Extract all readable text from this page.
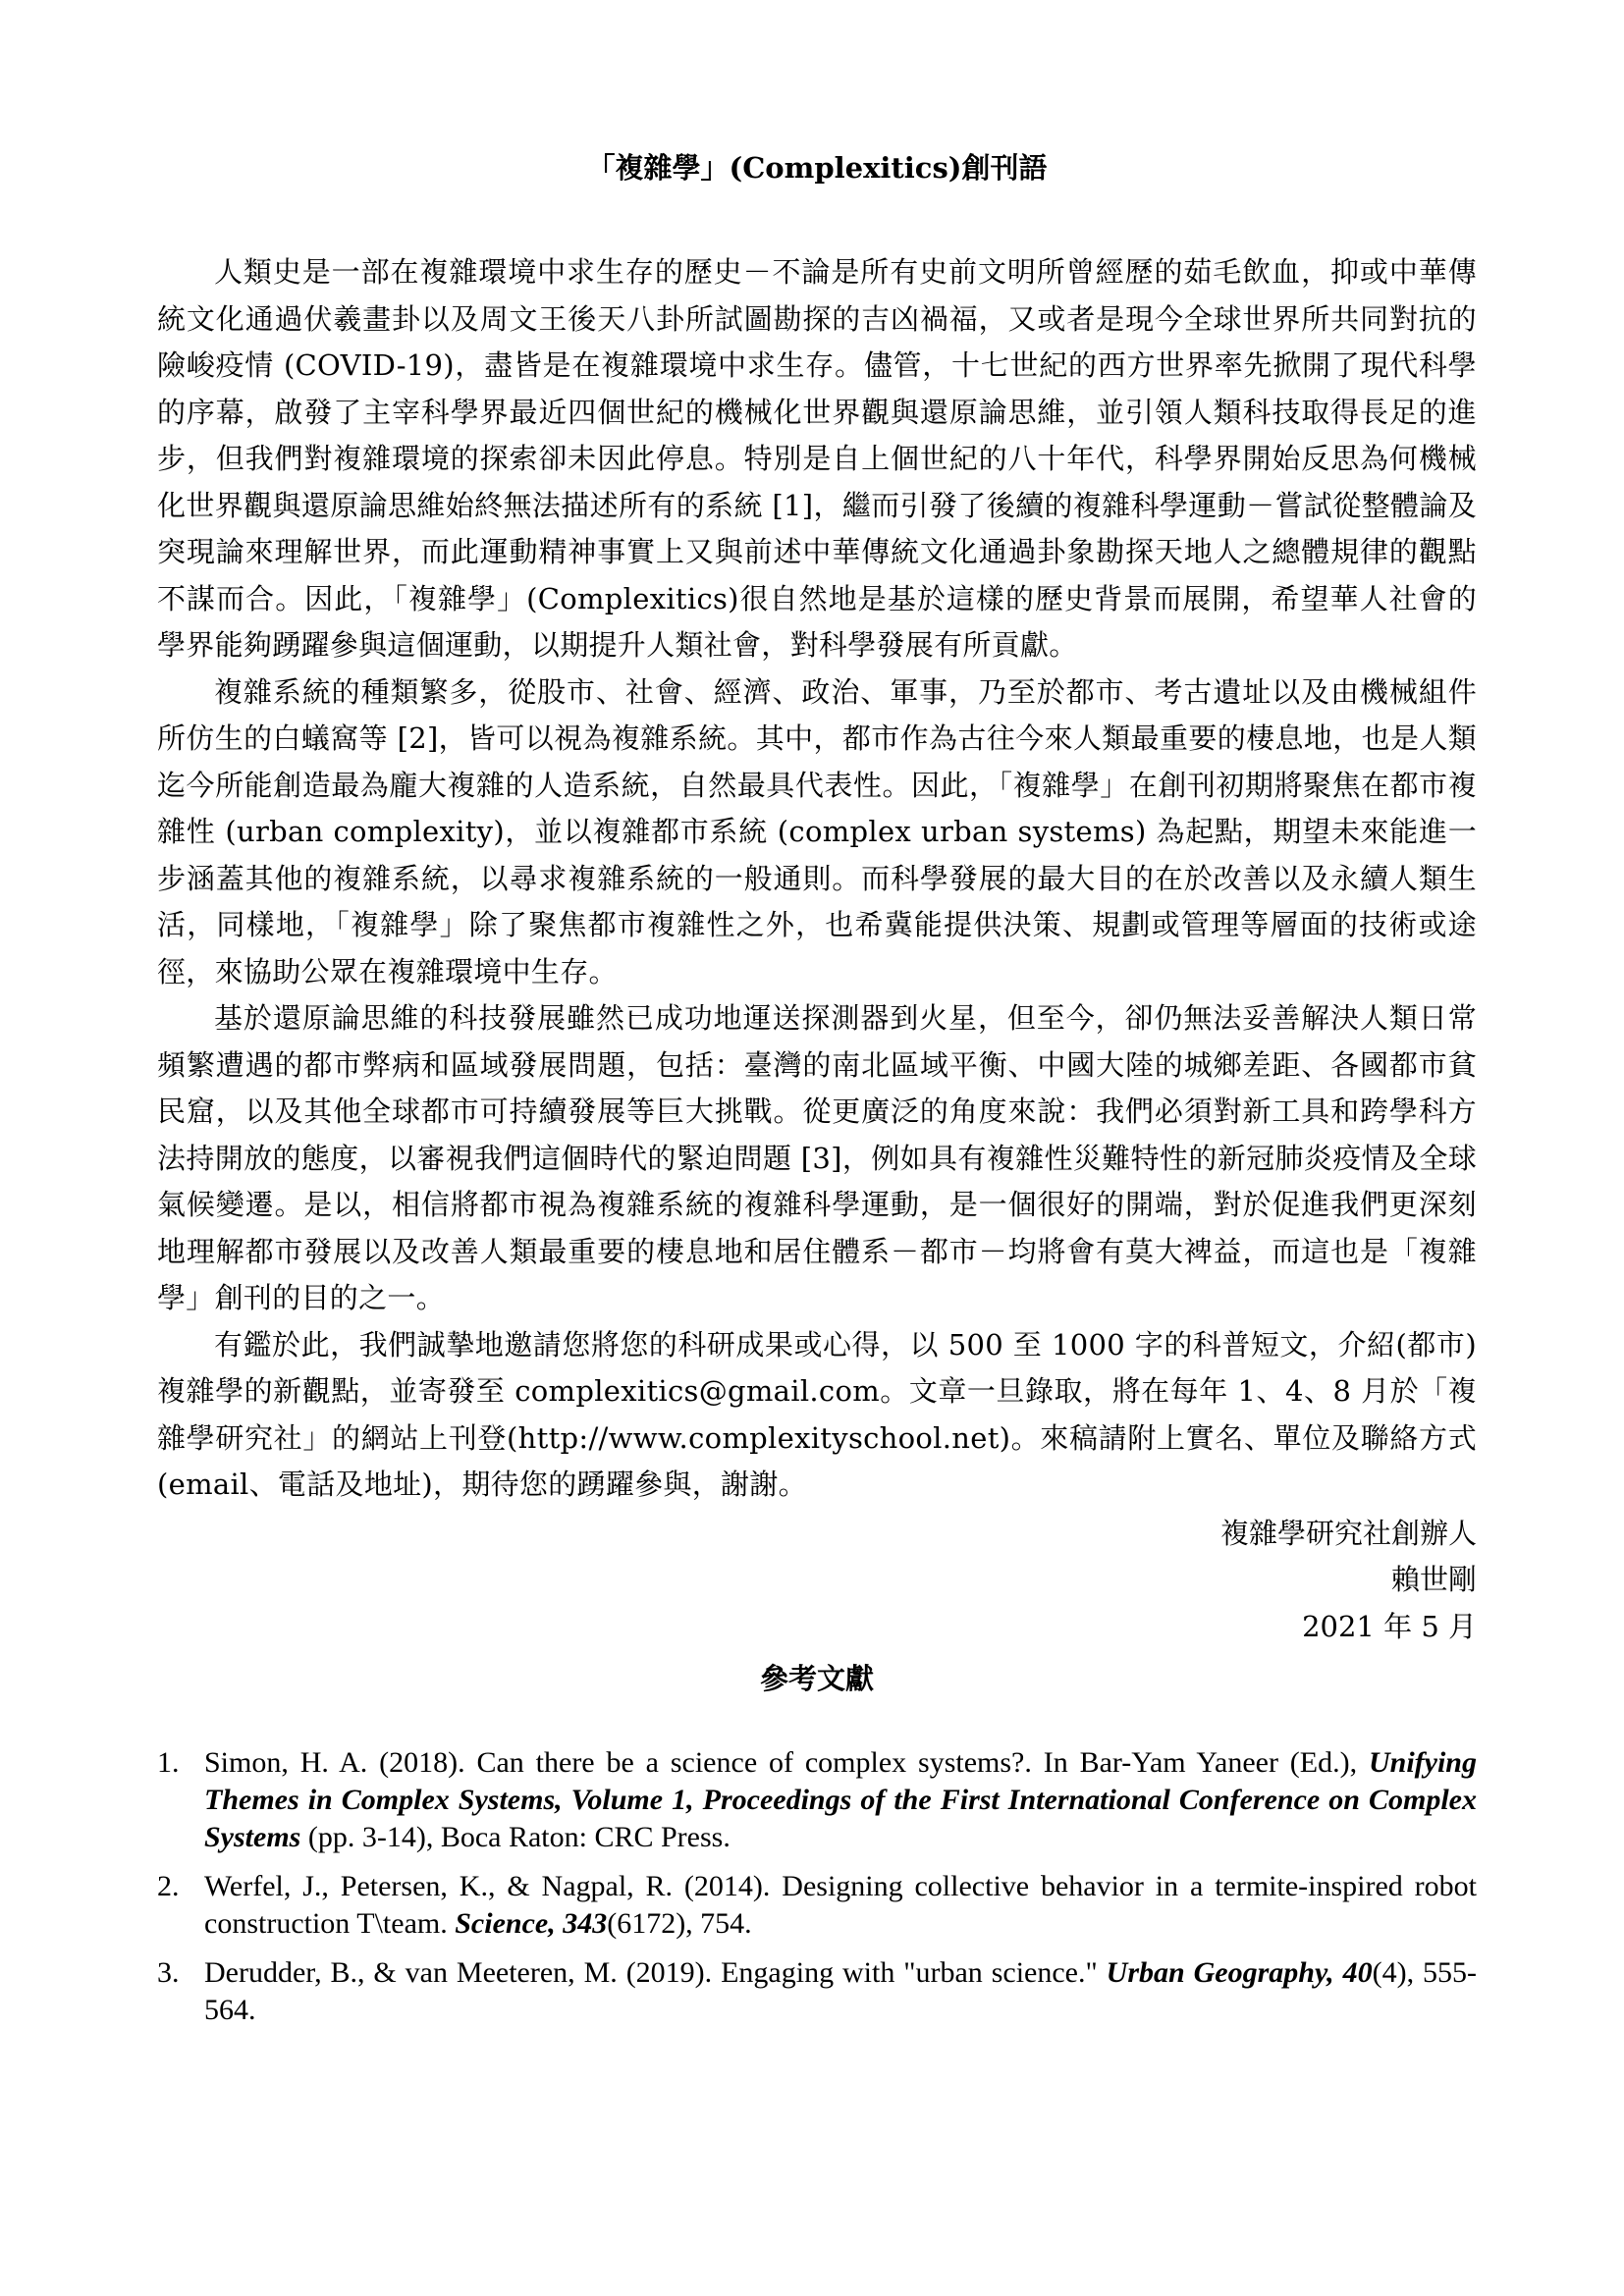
「複雜學」(Complexitics)創刊語

人類史是一部在複雜環境中求生存的歷史－不論是所有史前文明所曾經歷的茹毛飲血，抑或中華傳統文化通過伏羲畫卦以及周文王後天八卦所試圖勘探的吉凶禍福，又或者是現今全球世界所共同對抗的險峻疫情 (COVID-19)，盡皆是在複雜環境中求生存。儘管，十七世紀的西方世界率先掀開了現代科學的序幕，啟發了主宰科學界最近四個世紀的機械化世界觀與還原論思維，並引領人類科技取得長足的進步，但我們對複雜環境的探索卻未因此停息。特別是自上個世紀的八十年代，科學界開始反思為何機械化世界觀與還原論思維始終無法描述所有的系統 [1]，繼而引發了後續的複雜科學運動－嘗試從整體論及突現論來理解世界，而此運動精神事實上又與前述中華傳統文化通過卦象勘探天地人之總體規律的觀點不謀而合。因此，「複雜學」(Complexitics)很自然地是基於這樣的歷史背景而展開，希望華人社會的學界能夠踴躍參與這個運動，以期提升人類社會，對科學發展有所貢獻。

複雜系統的種類繁多，從股市、社會、經濟、政治、軍事，乃至於都市、考古遺址以及由機械組件所仿生的白蟻窩等 [2]，皆可以視為複雜系統。其中，都市作為古往今來人類最重要的棲息地，也是人類迄今所能創造最為龐大複雜的人造系統，自然最具代表性。因此，「複雜學」在創刊初期將聚焦在都市複雜性 (urban complexity)，並以複雜都市系統 (complex urban systems) 為起點，期望未來能進一步涵蓋其他的複雜系統，以尋求複雜系統的一般通則。而科學發展的最大目的在於改善以及永續人類生活，同樣地，「複雜學」除了聚焦都市複雜性之外，也希冀能提供決策、規劃或管理等層面的技術或途徑，來協助公眾在複雜環境中生存。

基於還原論思維的科技發展雖然已成功地運送探測器到火星，但至今，卻仍無法妥善解決人類日常頻繁遭遇的都市弊病和區域發展問題，包括：臺灣的南北區域平衡、中國大陸的城鄉差距、各國都市貧民窟，以及其他全球都市可持續發展等巨大挑戰。從更廣泛的角度來說：我們必須對新工具和跨學科方法持開放的態度，以審視我們這個時代的緊迫問題 [3]，例如具有複雜性災難特性的新冠肺炎疫情及全球氣候變遷。是以，相信將都市視為複雜系統的複雜科學運動，是一個很好的開端，對於促進我們更深刻地理解都市發展以及改善人類最重要的棲息地和居住體系－都市－均將會有莫大裨益，而這也是「複雜學」創刊的目的之一。

有鑑於此，我們誠摯地邀請您將您的科研成果或心得，以 500 至 1000 字的科普短文，介紹(都市)複雜學的新觀點，並寄發至 complexitics@gmail.com。文章一旦錄取，將在每年 1、4、8 月於「複雜學研究社」的網站上刊登(http://www.complexityschool.net)。來稿請附上實名、單位及聯絡方式(email、電話及地址)，期待您的踴躍參與，謝謝。

複雜學研究社創辦人
賴世剛
2021 年 5 月
參考文獻
1. Simon, H. A. (2018). Can there be a science of complex systems?. In Bar-Yam Yaneer (Ed.), Unifying Themes in Complex Systems, Volume 1, Proceedings of the First International Conference on Complex Systems (pp. 3-14), Boca Raton: CRC Press.
2. Werfel, J., Petersen, K., & Nagpal, R. (2014). Designing collective behavior in a termite-inspired robot construction T\team. Science, 343(6172), 754.
3. Derudder, B., & van Meeteren, M. (2019). Engaging with "urban science." Urban Geography, 40(4), 555-564.
